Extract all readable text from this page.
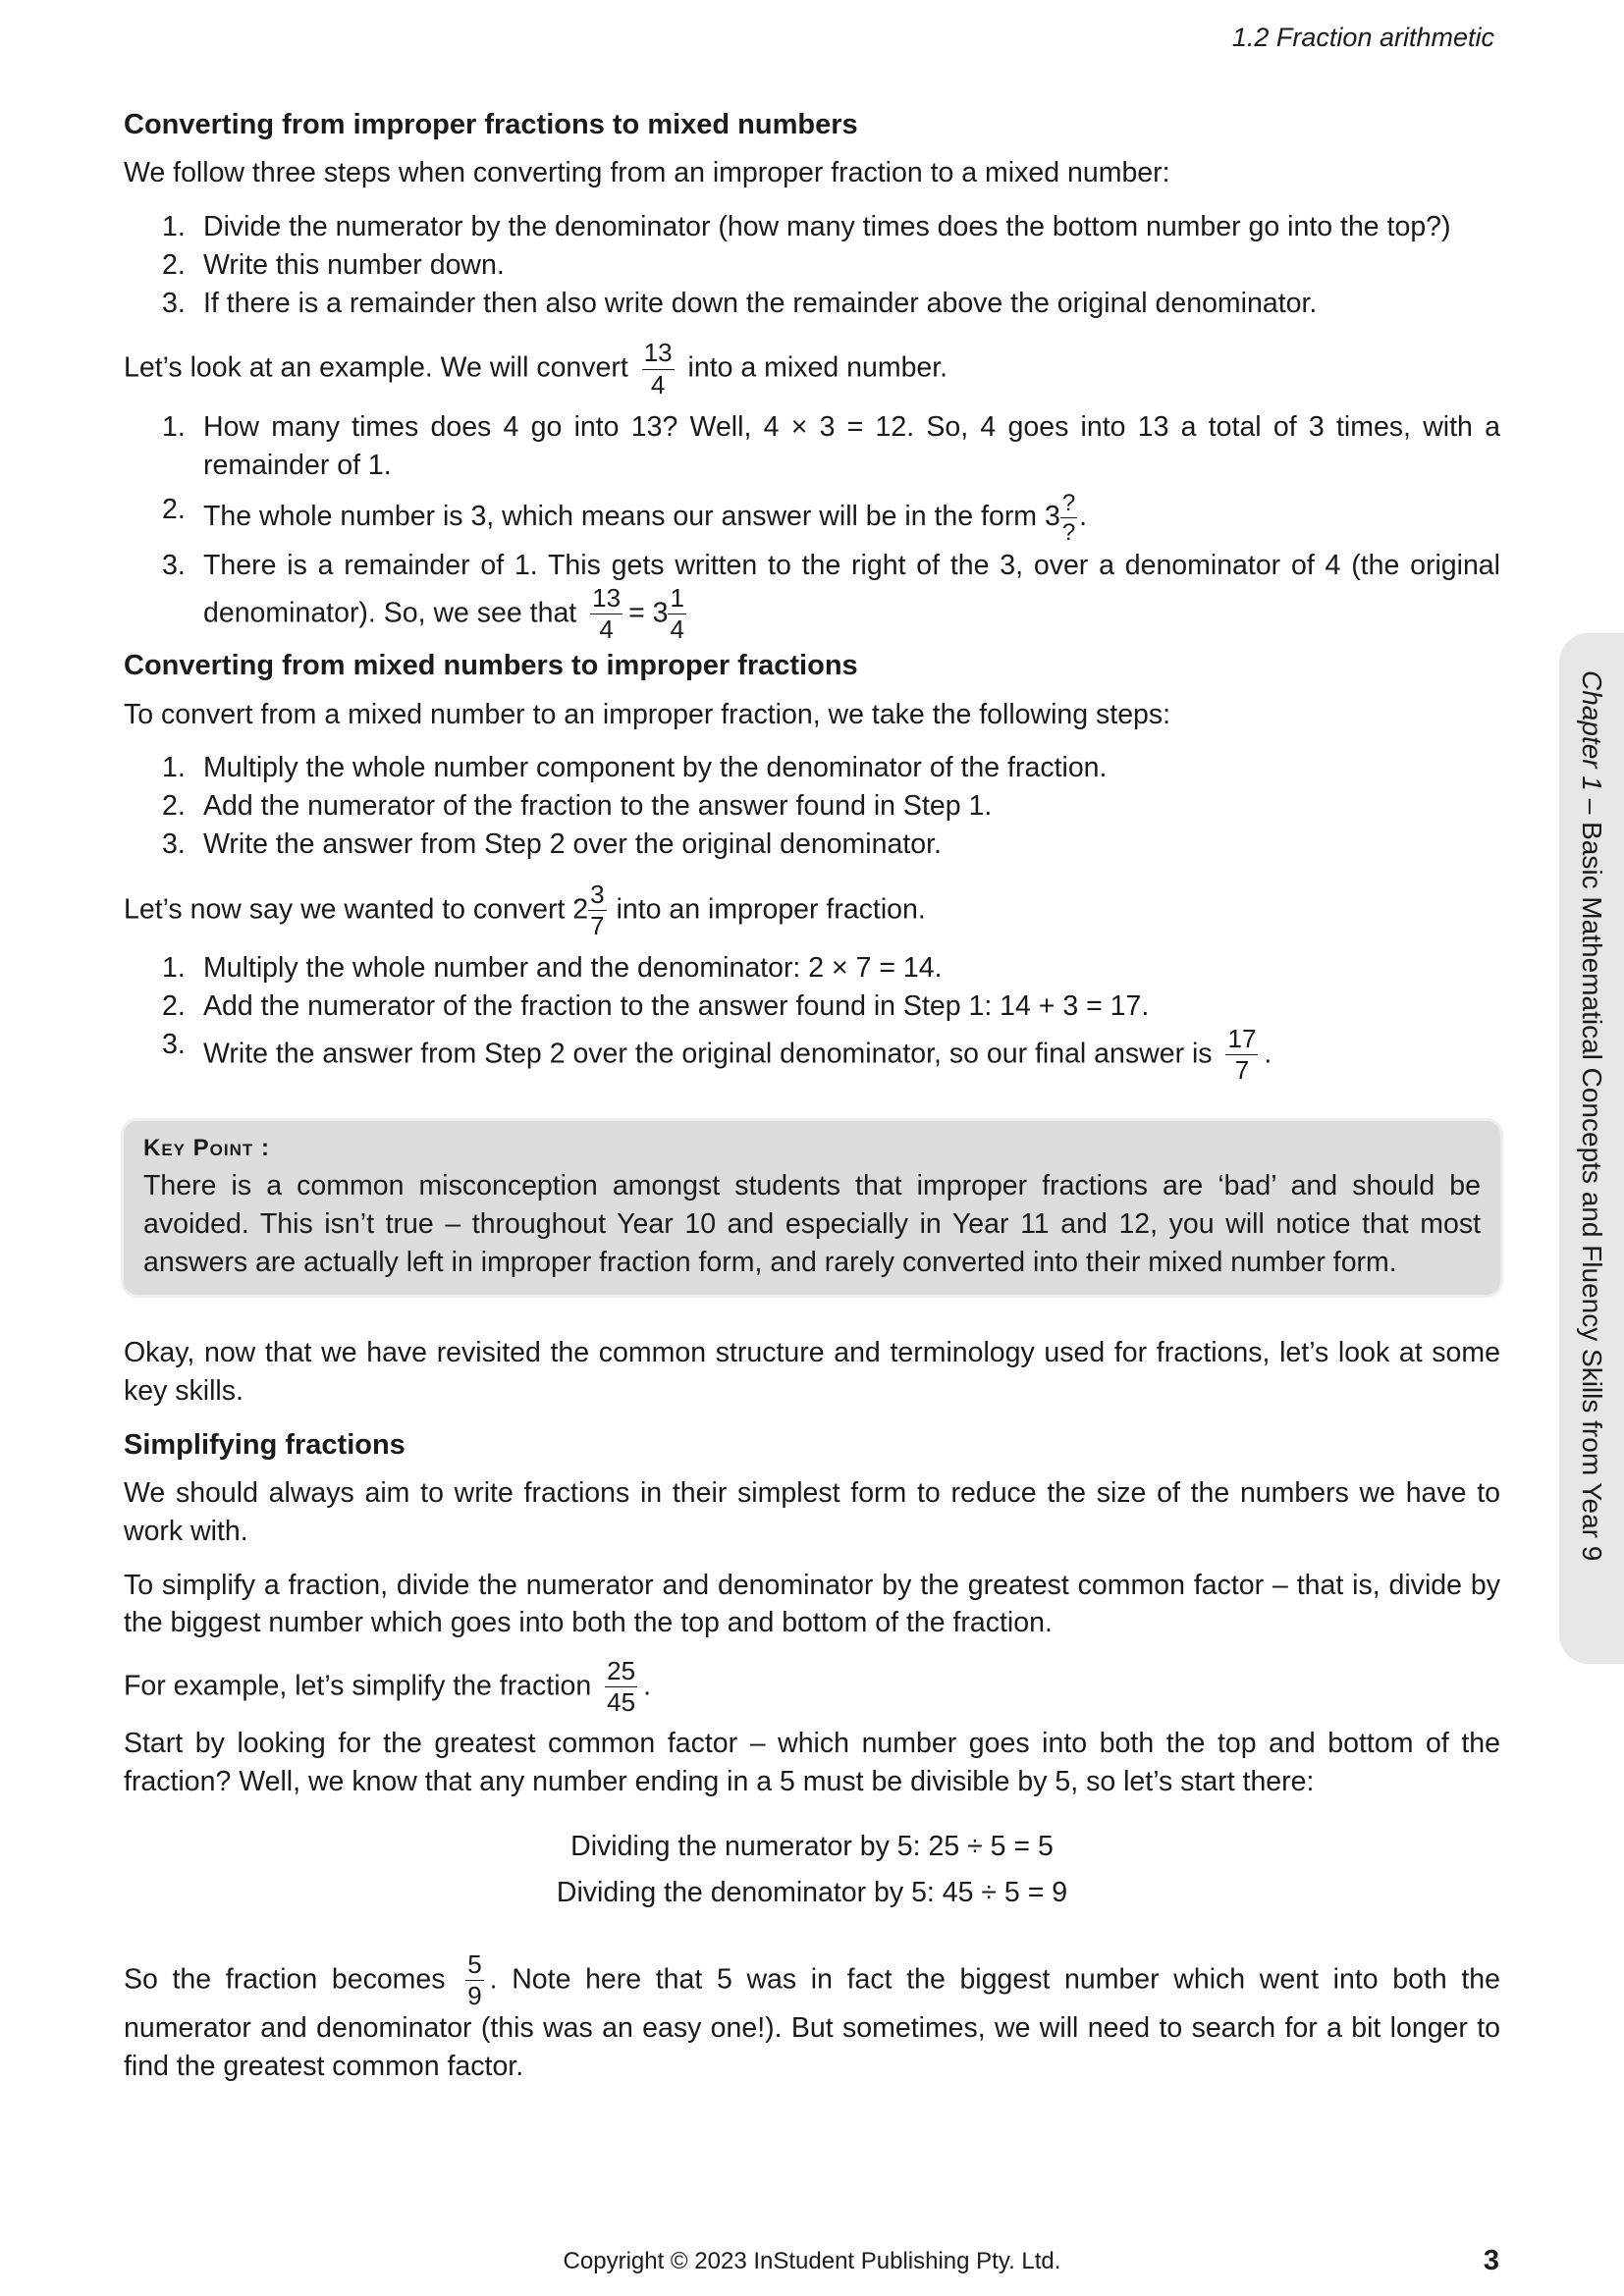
1.2 Fraction arithmetic
Chapter 1 – Basic Mathematical Concepts and Fluency Skills from Year 9
Converting from improper fractions to mixed numbers

We follow three steps when converting from an improper fraction to a mixed number:

Divide the numerator by the denominator (how many times does the bottom number go into the top?)
Write this number down.
If there is a remainder then also write down the remainder above the original denominator.

Let’s look at an example. We will convert $\frac{13}{4}$ into a mixed number.

How many times does 4 go into 13? Well, 4 × 3 = 12. So, 4 goes into 13 a total of 3 times, with a remainder of 1.
The whole number is 3, which means our answer will be in the form $3 \frac{?}{?}$ .
There is a remainder of 1. This gets written to the right of the 3, over a denominator of 4 (the original denominator). So, we see that $\frac{13}{4} = 3 \frac{1}{4}$
Converting from mixed numbers to improper fractions

To convert from a mixed number to an improper fraction, we take the following steps:

Multiply the whole number component by the denominator of the fraction.
Add the numerator of the fraction to the answer found in Step 1.
Write the answer from Step 2 over the original denominator.

Let’s now say we wanted to convert $2 \frac{3}{7}$ into an improper fraction.

Multiply the whole number and the denominator: 2 × 7 = 14.
Add the numerator of the fraction to the answer found in Step 1: 14 + 3 = 17.
Write the answer from Step 2 over the original denominator, so our final answer is $\frac{17}{7}$ .
Key Point :
There is a common misconception amongst students that improper fractions are ‘bad’ and should be avoided. This isn’t true – throughout Year 10 and especially in Year 11 and 12, you will notice that most answers are actually left in improper fraction form, and rarely converted into their mixed number form.

Okay, now that we have revisited the common structure and terminology used for fractions, let’s look at some key skills.

Simplifying fractions

We should always aim to write fractions in their simplest form to reduce the size of the numbers we have to work with.

To simplify a fraction, divide the numerator and denominator by the greatest common factor – that is, divide by the biggest number which goes into both the top and bottom of the fraction.

For example, let’s simplify the fraction $\frac{25}{45}$ .

Start by looking for the greatest common factor – which number goes into both the top and bottom of the fraction? Well, we know that any number ending in a 5 must be divisible by 5, so let’s start there:

Dividing the numerator by 5: 25 ÷ 5 = 5

Dividing the denominator by 5: 45 ÷ 5 = 9

So the fraction becomes $\frac{5}{9}$ . Note here that 5 was in fact the biggest number which went into both the numerator and denominator (this was an easy one!). But sometimes, we will need to search for a bit longer to find the greatest common factor.

Copyright © 2023 InStudent Publishing Pty. Ltd.	3
